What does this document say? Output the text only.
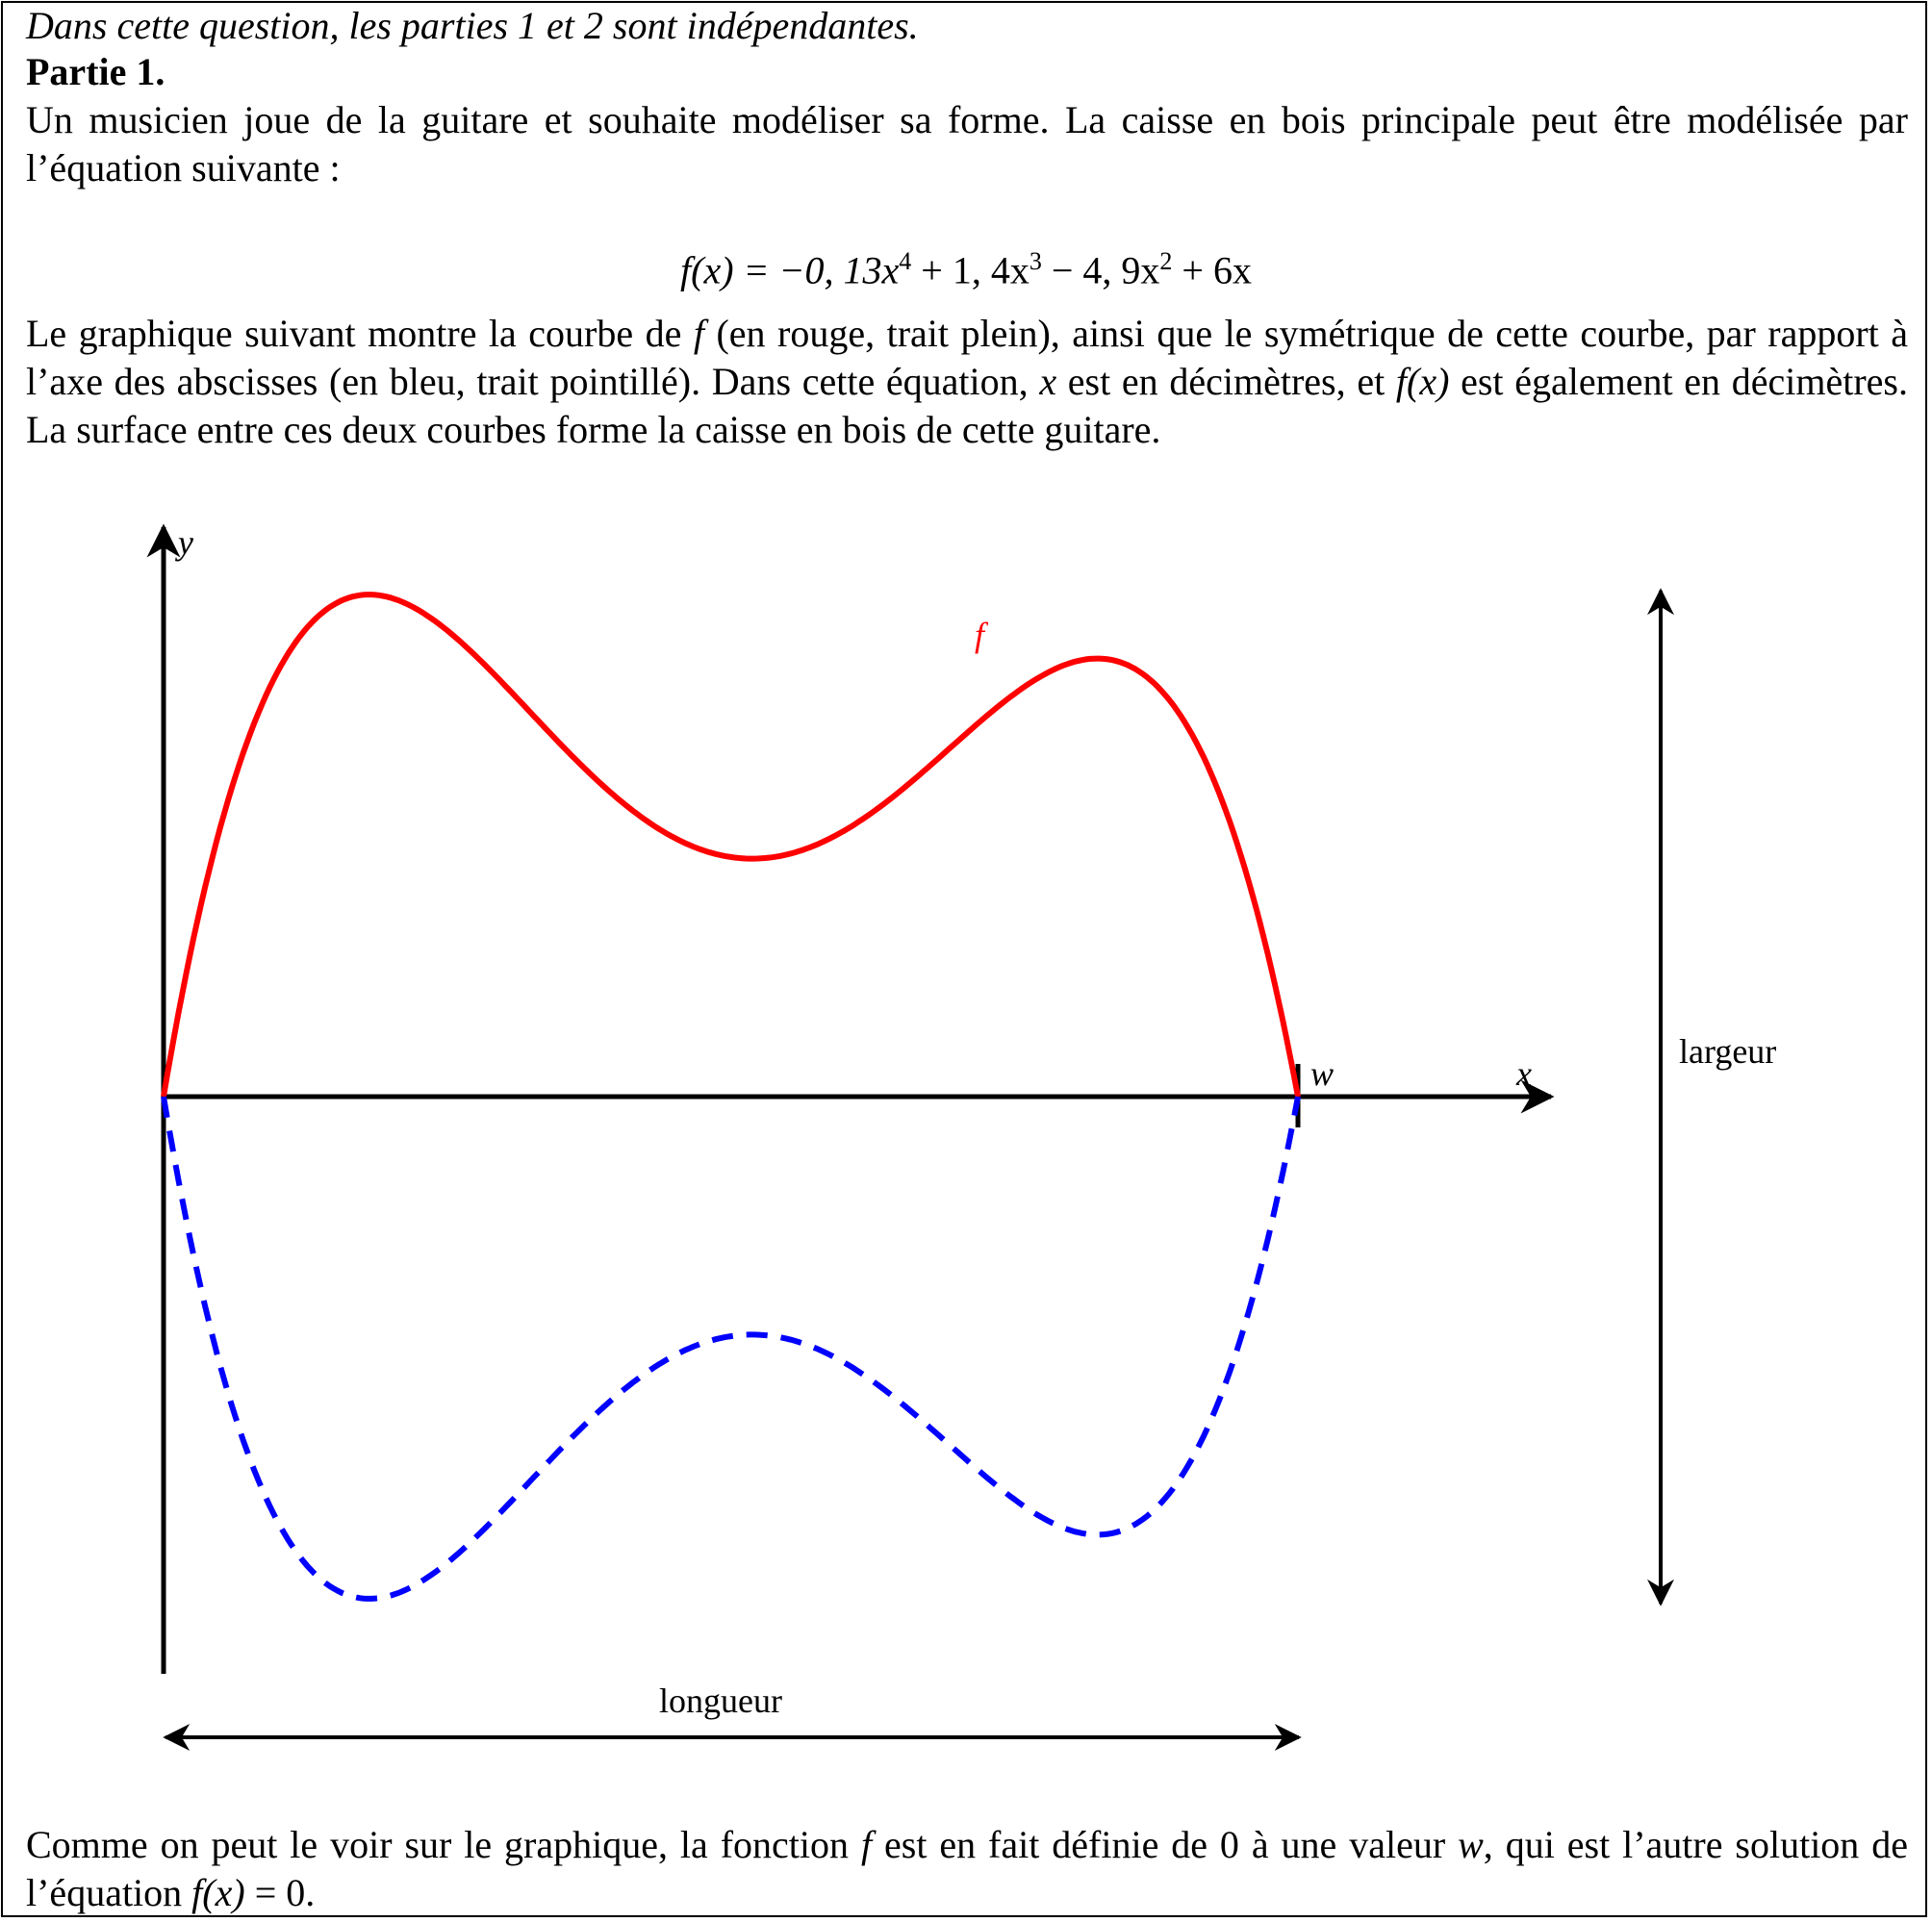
Dans cette question, les parties 1 et 2 sont indépendantes.

Partie 1.

Un musicien joue de la guitare et souhaite modéliser sa forme. La caisse en bois principale peut être modélisée par l’équation suivante :

f(x) = −0, $13x^4 + 1$, $4x^3 - 4$, $9x^2 + 6x$

Le graphique suivant montre la courbe de f (en rouge, trait plein), ainsi que le symétrique de cette courbe, par rapport à l’axe des abscisses (en bleu, trait pointillé). Dans cette équation, x est en décimètres, et f(x) est également en décimètres. La surface entre ces deux courbes forme la caisse en bois de cette guitare.

y
x
w
f
largeur
longueur

Comme on peut le voir sur le graphique, la fonction f est en fait définie de 0 à une valeur w, qui est l’autre solution de l’équation f(x) = 0.
